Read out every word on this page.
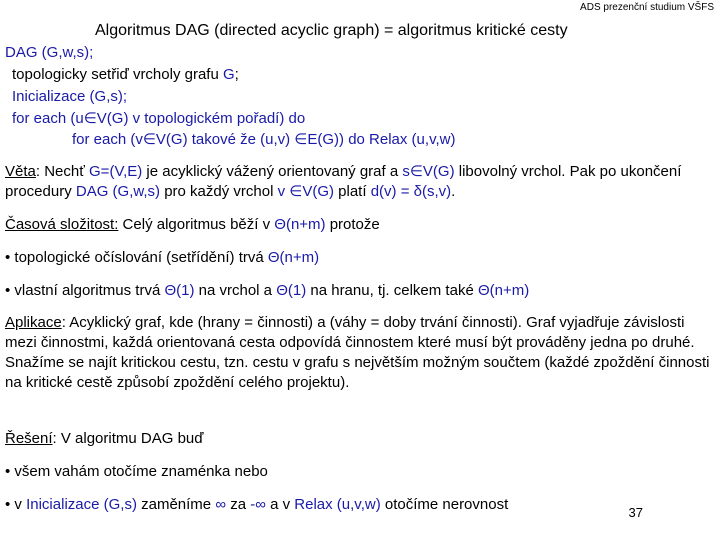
ADS prezenční studium VŠFS
Algoritmus DAG (directed acyclic graph) = algoritmus kritické cesty
DAG (G,w,s);
topologicky setřiď vrcholy grafu G;
Inicializace (G,s);
for each (u∈V(G) v topologickém pořadí) do
for each (v∈V(G) takové že (u,v) ∈E(G)) do Relax (u,v,w)
Věta: Nechť G=(V,E) je acyklický vážený orientovaný graf a s∈V(G) libovolný vrchol. Pak po ukončení procedury DAG (G,w,s) pro každý vrchol v ∈V(G) platí d(v) = δ(s,v).
Časová složitost: Celý algoritmus běží v Θ(n+m) protože
• topologické očíslování (setřídění) trvá Θ(n+m)
• vlastní algoritmus trvá Θ(1) na vrchol a Θ(1) na hranu, tj. celkem také Θ(n+m)
Aplikace: Acyklický graf, kde (hrany = činnosti) a (váhy = doby trvání činnosti). Graf vyjadřuje závislosti mezi činnostmi, každá orientovaná cesta odpovídá činnostem které musí být prováděny jedna po druhé. Snažíme se najít kritickou cestu, tzn. cestu v grafu s největším možným součtem (každé zpoždění činnosti na kritické cestě způsobí zpoždění celého projektu).
Řešení: V algoritmu DAG buď
• všem vahám otočíme znaménka nebo
• v Inicializace (G,s) zaměníme ∞ za -∞ a v Relax (u,v,w) otočíme nerovnost	37
